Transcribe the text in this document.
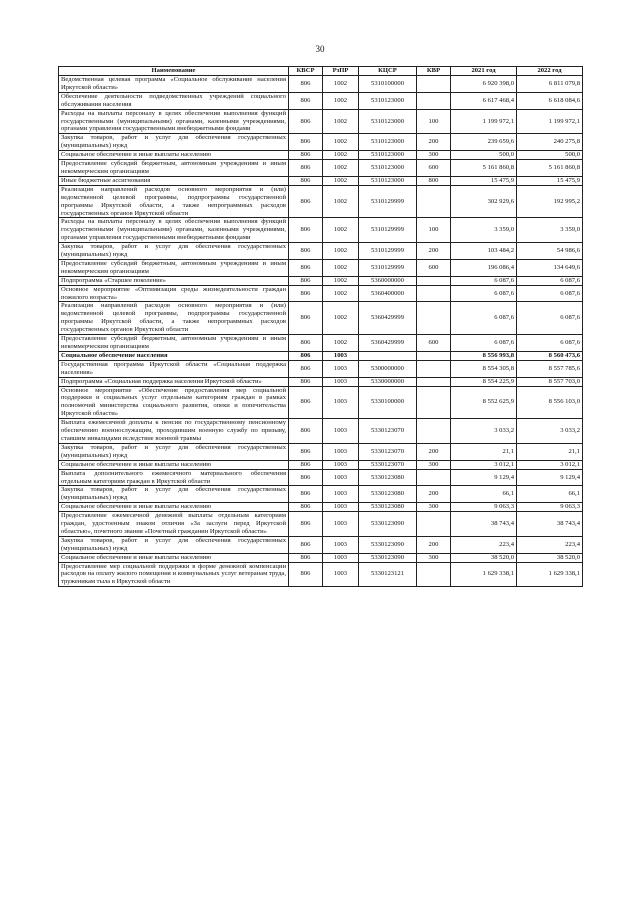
30
Наименование	КВСР	РзПР	КЦСР	КВР	2021 год	2022 год
Ведомственная целевая программа «Социальное обслуживание населения Иркутской области»	806	1002	5310100000		6 920 398,0	6 811 079,8
Обеспечение деятельности подведомственных учреждений социального обслуживания населения	806	1002	5310123000		6 617 468,4	6 618 084,6
Расходы на выплаты персоналу в целях обеспечения выполнения функций государственными (муниципальными) органами, казенными учреждениями, органами управления государственными внебюджетными фондами	806	1002	5310123000	100	1 199 972,1	1 199 972,1
Закупка товаров, работ и услуг для обеспечения государственных (муниципальных) нужд	806	1002	5310123000	200	239 659,6	240 275,8
Социальное обеспечение и иные выплаты населению	806	1002	5310123000	300	500,0	500,0
Предоставление субсидий бюджетным, автономным учреждениям и иным некоммерческим организациям	806	1002	5310123000	600	5 161 860,8	5 161 860,8
Иные бюджетные ассигнования	806	1002	5310123000	800	15 475,9	15 475,9
Реализация направлений расходов основного мероприятия и (или) ведомственной целевой программы, подпрограммы государственной программы Иркутской области, а также непрограммных расходов государственных органов Иркутской области	806	1002	5310129999		302 929,6	192 995,2
Расходы на выплаты персоналу в целях обеспечения выполнения функций государственными (муниципальными) органами, казенными учреждениями, органами управления государственными внебюджетными фондами	806	1002	5310129999	100	3 359,0	3 359,0
Закупка товаров, работ и услуг для обеспечения государственных (муниципальных) нужд	806	1002	5310129999	200	103 484,2	54 986,6
Предоставление субсидий бюджетным, автономным учреждениям и иным некоммерческим организациям	806	1002	5310129999	600	196 086,4	134 649,6
Подпрограмма «Старшее поколение»	806	1002	5360000000		6 087,6	6 087,6
Основное мероприятие «Оптимизация среды жизнедеятельности граждан пожилого возраста»	806	1002	5360400000		6 087,6	6 087,6
Реализация направлений расходов основного мероприятия и (или) ведомственной целевой программы, подпрограммы государственной программы Иркутской области, а также непрограммных расходов государственных органов Иркутской области	806	1002	5360429999		6 087,6	6 087,6
Предоставление субсидий бюджетным, автономным учреждениям и иным некоммерческим организациям	806	1002	5360429999	600	6 087,6	6 087,6
Социальное обеспечение населения	806	1003			8 556 993,8	8 560 473,6
Государственная программа Иркутской области «Социальная поддержка населения»	806	1003	5300000000		8 554 305,8	8 557 785,6
Подпрограмма «Социальная поддержка населения Иркутской области»	806	1003	5330000000		8 554 225,9	8 557 703,0
Основное мероприятие «Обеспечение предоставления мер социальной поддержки и социальных услуг отдельным категориям граждан в рамках полномочий министерства социального развития, опеки и попечительства Иркутской области»	806	1003	5330100000		8 552 625,9	8 556 103,0
Выплата ежемесячной доплаты к пенсии по государственному пенсионному обеспечению военнослужащим, проходившим военную службу по призыву, ставшим инвалидами вследствие военной травмы	806	1003	5330123070		3 033,2	3 033,2
Закупка товаров, работ и услуг для обеспечения государственных (муниципальных) нужд	806	1003	5330123070	200	21,1	21,1
Социальное обеспечение и иные выплаты населению	806	1003	5330123070	300	3 012,1	3 012,1
Выплата дополнительного ежемесячного материального обеспечения отдельным категориям граждан в Иркутской области	806	1003	5330123080		9 129,4	9 129,4
Закупка товаров, работ и услуг для обеспечения государственных (муниципальных) нужд	806	1003	5330123080	200	66,1	66,1
Социальное обеспечение и иные выплаты населению	806	1003	5330123080	300	9 063,3	9 063,3
Предоставление ежемесячной денежной выплаты отдельным категориям граждан, удостоенным знаком отличия «За заслуги перед Иркутской областью», почетного звания «Почетный гражданин Иркутской области»	806	1003	5330123090		38 743,4	38 743,4
Закупка товаров, работ и услуг для обеспечения государственных (муниципальных) нужд	806	1003	5330123090	200	223,4	223,4
Социальное обеспечение и иные выплаты населению	806	1003	5330123090	300	38 520,0	38 520,0
Предоставление мер социальной поддержки в форме денежной компенсации расходов на оплату жилого помещения и коммунальных услуг ветеранам труда, труженикам тыла в Иркутской области	806	1003	5330123121		1 629 338,1	1 629 338,1
